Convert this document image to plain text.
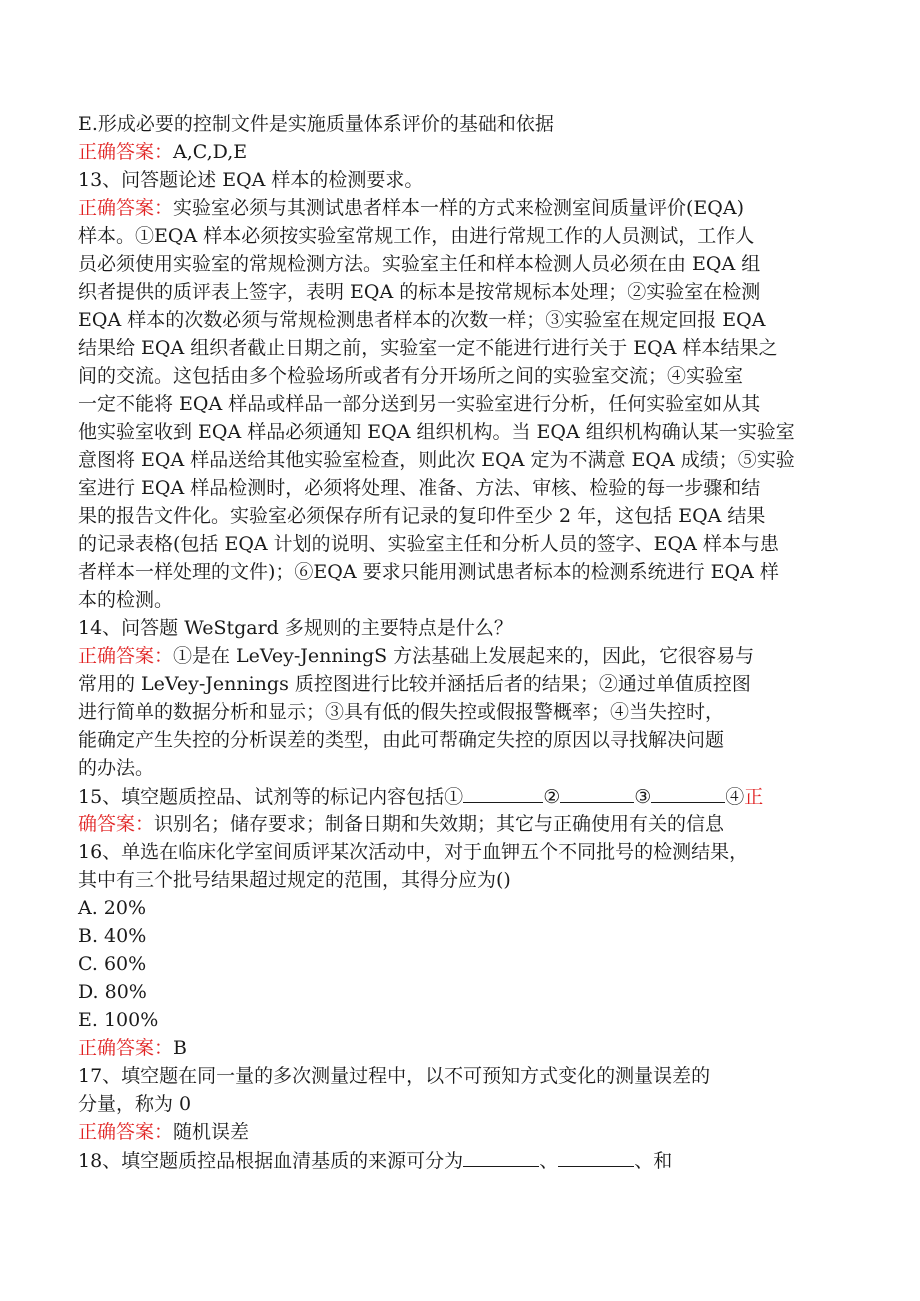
E.形成必要的控制文件是实施质量体系评价的基础和依据
正确答案：A,C,D,E
13、问答题论述 EQA 样本的检测要求。
正确答案：实验室必须与其测试患者样本一样的方式来检测室间质量评价(EQA)
样本。①EQA 样本必须按实验室常规工作，由进行常规工作的人员测试，工作人
员必须使用实验室的常规检测方法。实验室主任和样本检测人员必须在由 EQA 组
织者提供的质评表上签字，表明 EQA 的标本是按常规标本处理；②实验室在检测
EQA 样本的次数必须与常规检测患者样本的次数一样；③实验室在规定回报 EQA
结果给 EQA 组织者截止日期之前，实验室一定不能进行进行关于 EQA 样本结果之
间的交流。这包括由多个检验场所或者有分开场所之间的实验室交流；④实验室
一定不能将 EQA 样品或样品一部分送到另一实验室进行分析，任何实验室如从其
他实验室收到 EQA 样品必须通知 EQA 组织机构。当 EQA 组织机构确认某一实验室
意图将 EQA 样品送给其他实验室检查，则此次 EQA 定为不满意 EQA 成绩；⑤实验
室进行 EQA 样品检测时，必须将处理、准备、方法、审核、检验的每一步骤和结
果的报告文件化。实验室必须保存所有记录的复印件至少 2 年，这包括 EQA 结果
的记录表格(包括 EQA 计划的说明、实验室主任和分析人员的签字、EQA 样本与患
者样本一样处理的文件)；⑥EQA 要求只能用测试患者标本的检测系统进行 EQA 样
本的检测。
14、问答题 WeStgard 多规则的主要特点是什么？
正确答案：①是在 LeVey-JenningS 方法基础上发展起来的，因此，它很容易与
常用的 LeVey-Jennings 质控图进行比较并涵括后者的结果；②通过单值质控图
进行简单的数据分析和显示；③具有低的假失控或假报警概率；④当失控时，
能确定产生失控的分析误差的类型，由此可帮确定失控的原因以寻找解决问题
的办法。
15、填空题质控品、试剂等的标记内容包括①	②	③	④正
确答案：识别名；储存要求；制备日期和失效期；其它与正确使用有关的信息
16、单选在临床化学室间质评某次活动中，对于血钾五个不同批号的检测结果，
其中有三个批号结果超过规定的范围，其得分应为()
A. 20%
B. 40%
C. 60%
D. 80%
E. 100%
正确答案：B
17、填空题在同一量的多次测量过程中，以不可预知方式变化的测量误差的
分量，称为 0
正确答案：随机误差
18、填空题质控品根据血清基质的来源可分为	、	、和
